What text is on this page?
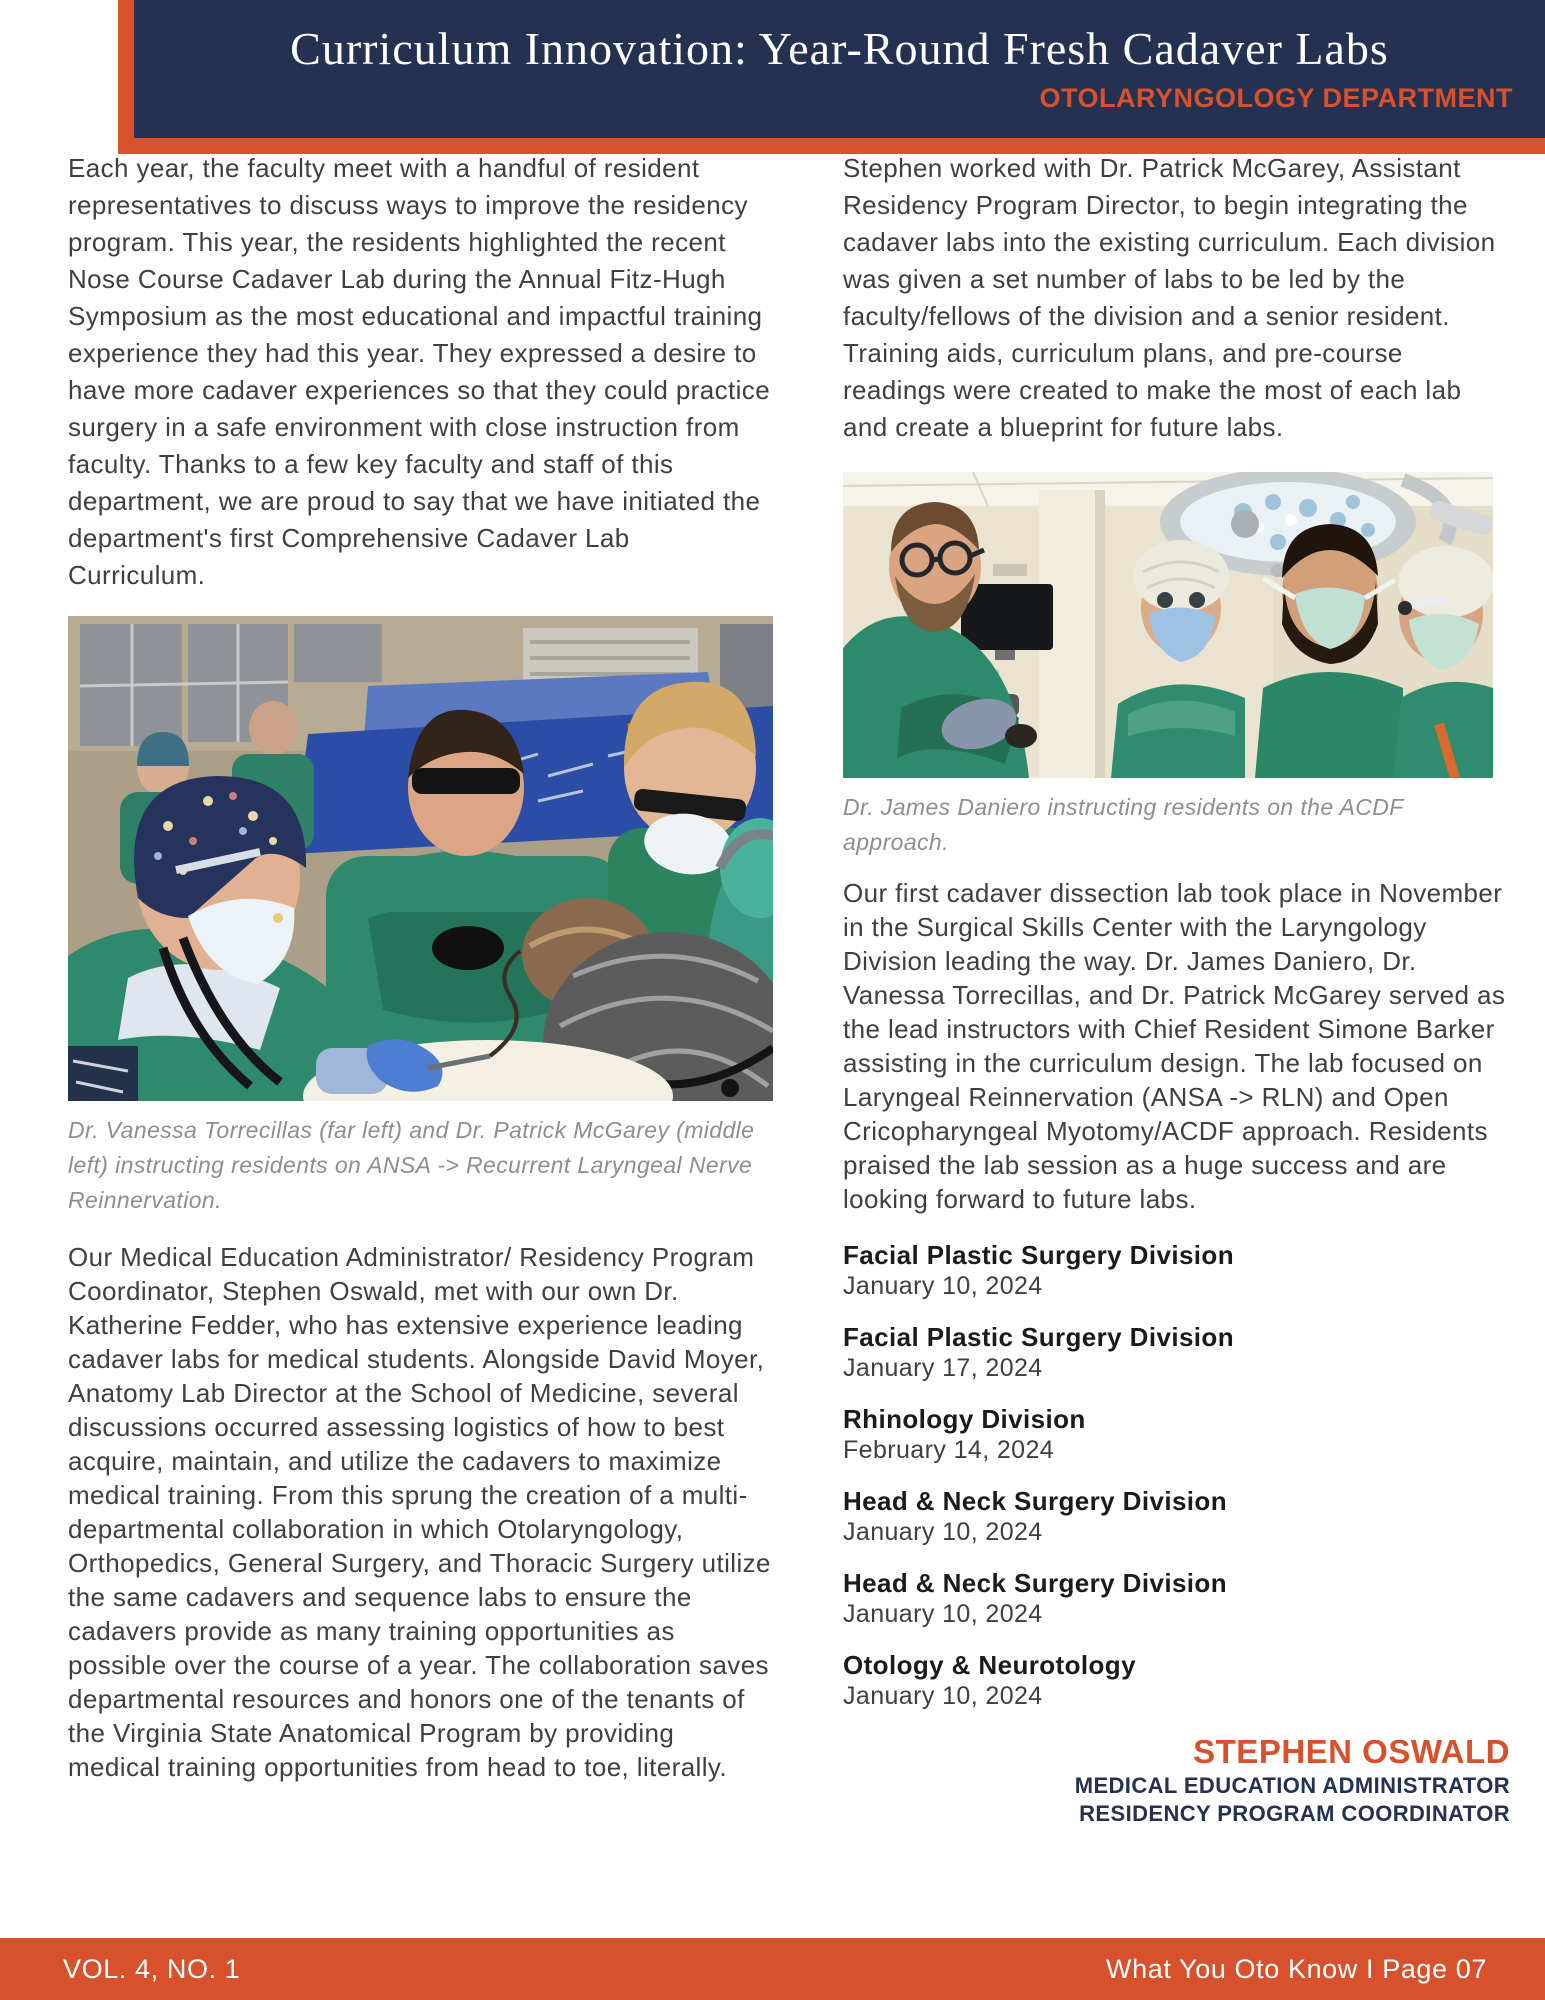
Curriculum Innovation: Year-Round Fresh Cadaver Labs
OTOLARYNGOLOGY DEPARTMENT

Each year, the faculty meet with a handful of resident representatives to discuss ways to improve the residency program. This year, the residents highlighted the recent Nose Course Cadaver Lab during the Annual Fitz-Hugh Symposium as the most educational and impactful training experience they had this year. They expressed a desire to have more cadaver experiences so that they could practice surgery in a safe environment with close instruction from faculty. Thanks to a few key faculty and staff of this department, we are proud to say that we have initiated the department's first Comprehensive Cadaver Lab Curriculum.

Dr. Vanessa Torrecillas (far left) and Dr. Patrick McGarey (middle left) instructing residents on ANSA -> Recurrent Laryngeal Nerve Reinnervation.

Our Medical Education Administrator/ Residency Program Coordinator, Stephen Oswald, met with our own Dr. Katherine Fedder, who has extensive experience leading cadaver labs for medical students. Alongside David Moyer, Anatomy Lab Director at the School of Medicine, several discussions occurred assessing logistics of how to best acquire, maintain, and utilize the cadavers to maximize medical training. From this sprung the creation of a multi-departmental collaboration in which Otolaryngology, Orthopedics, General Surgery, and Thoracic Surgery utilize the same cadavers and sequence labs to ensure the cadavers provide as many training opportunities as possible over the course of a year. The collaboration saves departmental resources and honors one of the tenants of the Virginia State Anatomical Program by providing medical training opportunities from head to toe, literally.

Stephen worked with Dr. Patrick McGarey, Assistant Residency Program Director, to begin integrating the cadaver labs into the existing curriculum. Each division was given a set number of labs to be led by the faculty/fellows of the division and a senior resident. Training aids, curriculum plans, and pre-course readings were created to make the most of each lab and create a blueprint for future labs.

Dr. James Daniero instructing residents on the ACDF approach.

Our first cadaver dissection lab took place in November in the Surgical Skills Center with the Laryngology Division leading the way. Dr. James Daniero, Dr. Vanessa Torrecillas, and Dr. Patrick McGarey served as the lead instructors with Chief Resident Simone Barker assisting in the curriculum design. The lab focused on Laryngeal Reinnervation (ANSA -> RLN) and Open Cricopharyngeal Myotomy/ACDF approach. Residents praised the lab session as a huge success and are looking forward to future labs.

Facial Plastic Surgery Division
January 10, 2024
Facial Plastic Surgery Division
January 17, 2024
Rhinology Division
February 14, 2024
Head & Neck Surgery Division
January 10, 2024
Head & Neck Surgery Division
January 10, 2024
Otology & Neurotology
January 10, 2024
STEPHEN OSWALD
MEDICAL EDUCATION ADMINISTRATOR
RESIDENCY PROGRAM COORDINATOR
VOL. 4, NO. 1	What You Oto Know I Page 07
